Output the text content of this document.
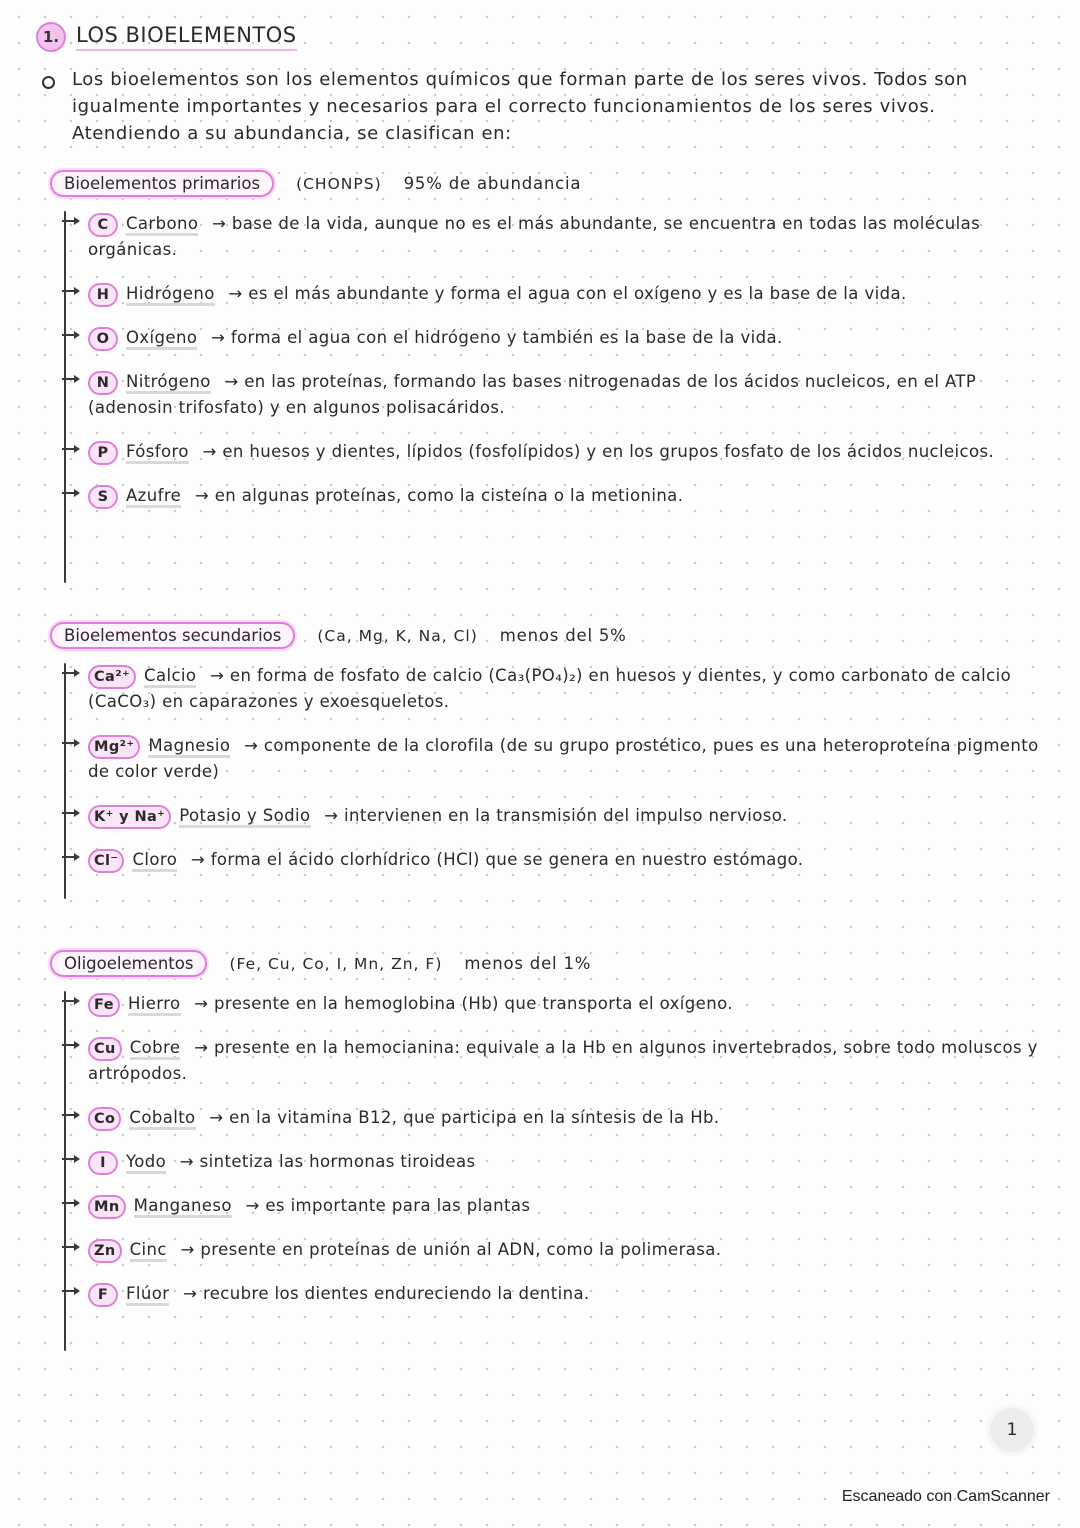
1. LOS BIOELEMENTOS
Los bioelementos son los elementos químicos que forman parte de los seres vivos. Todos son igualmente importantes y necesarios para el correcto funcionamientos de los seres vivos. Atendiendo a su abundancia, se clasifican en:
Bioelementos primarios	(CHONPS) 95% de abundancia
C Carbono → base de la vida, aunque no es el más abundante, se encuentra en todas las moléculas orgánicas.
H Hidrógeno → es el más abundante y forma el agua con el oxígeno y es la base de la vida.
O Oxígeno → forma el agua con el hidrógeno y también es la base de la vida.
N Nitrógeno → en las proteínas, formando las bases nitrogenadas de los ácidos nucleicos, en el ATP (adenosin trifosfato) y en algunos polisacáridos.
P Fósforo → en huesos y dientes, lípidos (fosfolípidos) y en los grupos fosfato de los ácidos nucleicos.
S Azufre → en algunas proteínas, como la cisteína o la metionina.
Bioelementos secundarios	(Ca, Mg, K, Na, Cl) menos del 5%
Ca²⁺ Calcio → en forma de fosfato de calcio (Ca₃(PO₄)₂) en huesos y dientes, y como carbonato de calcio (CaCO₃) en caparazones y exoesqueletos.
Mg²⁺ Magnesio → componente de la clorofila (de su grupo prostético, pues es una heteroproteína pigmento de color verde)
K⁺ y Na⁺ Potasio y Sodio → intervienen en la transmisión del impulso nervioso.
Cl⁻ Cloro → forma el ácido clorhídrico (HCl) que se genera en nuestro estómago.
Oligoelementos	(Fe, Cu, Co, I, Mn, Zn, F) menos del 1%
Fe Hierro → presente en la hemoglobina (Hb) que transporta el oxígeno.
Cu Cobre → presente en la hemocianina: equivale a la Hb en algunos invertebrados, sobre todo moluscos y artrópodos.
Co Cobalto → en la vitamina B12, que participa en la síntesis de la Hb.
I Yodo → sintetiza las hormonas tiroideas
Mn Manganeso → es importante para las plantas
Zn Cinc → presente en proteínas de unión al ADN, como la polimerasa.
F Flúor → recubre los dientes endureciendo la dentina.
1
Escaneado con CamScanner
